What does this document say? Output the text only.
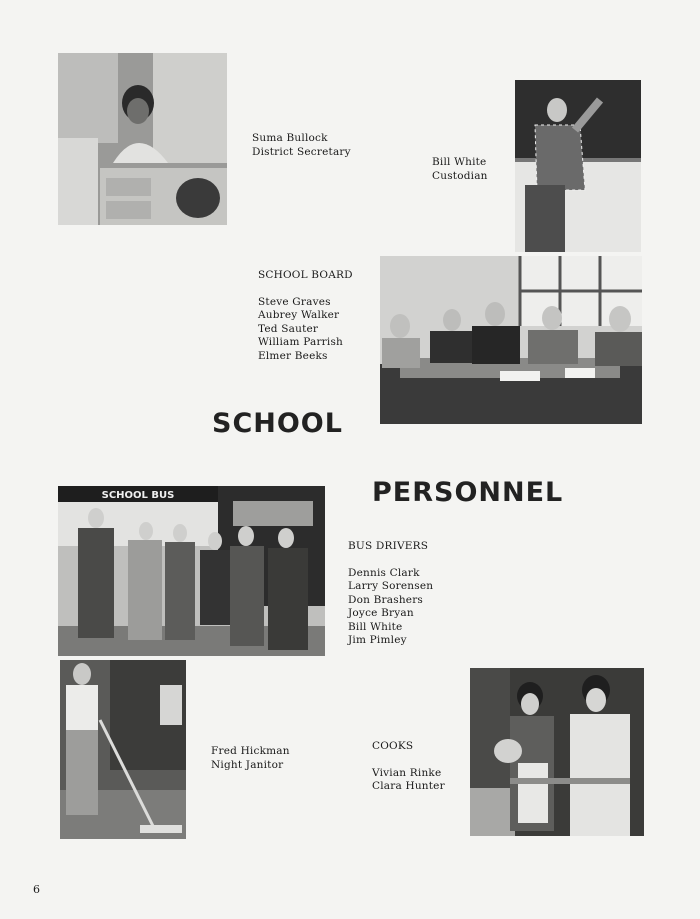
Suma Bullock
District Secretary
Bill White
Custodian
SCHOOL BOARD
Steve Graves
Aubrey Walker
Ted Sauter
William Parrish
Elmer Beeks
SCHOOL
PERSONNEL
SCHOOL BUS
BUS DRIVERS
Dennis Clark
Larry Sorensen
Don Brashers
Joyce Bryan
Bill White
Jim Pimley
Fred Hickman
Night Janitor
COOKS
Vivian Rinke
Clara Hunter
6
